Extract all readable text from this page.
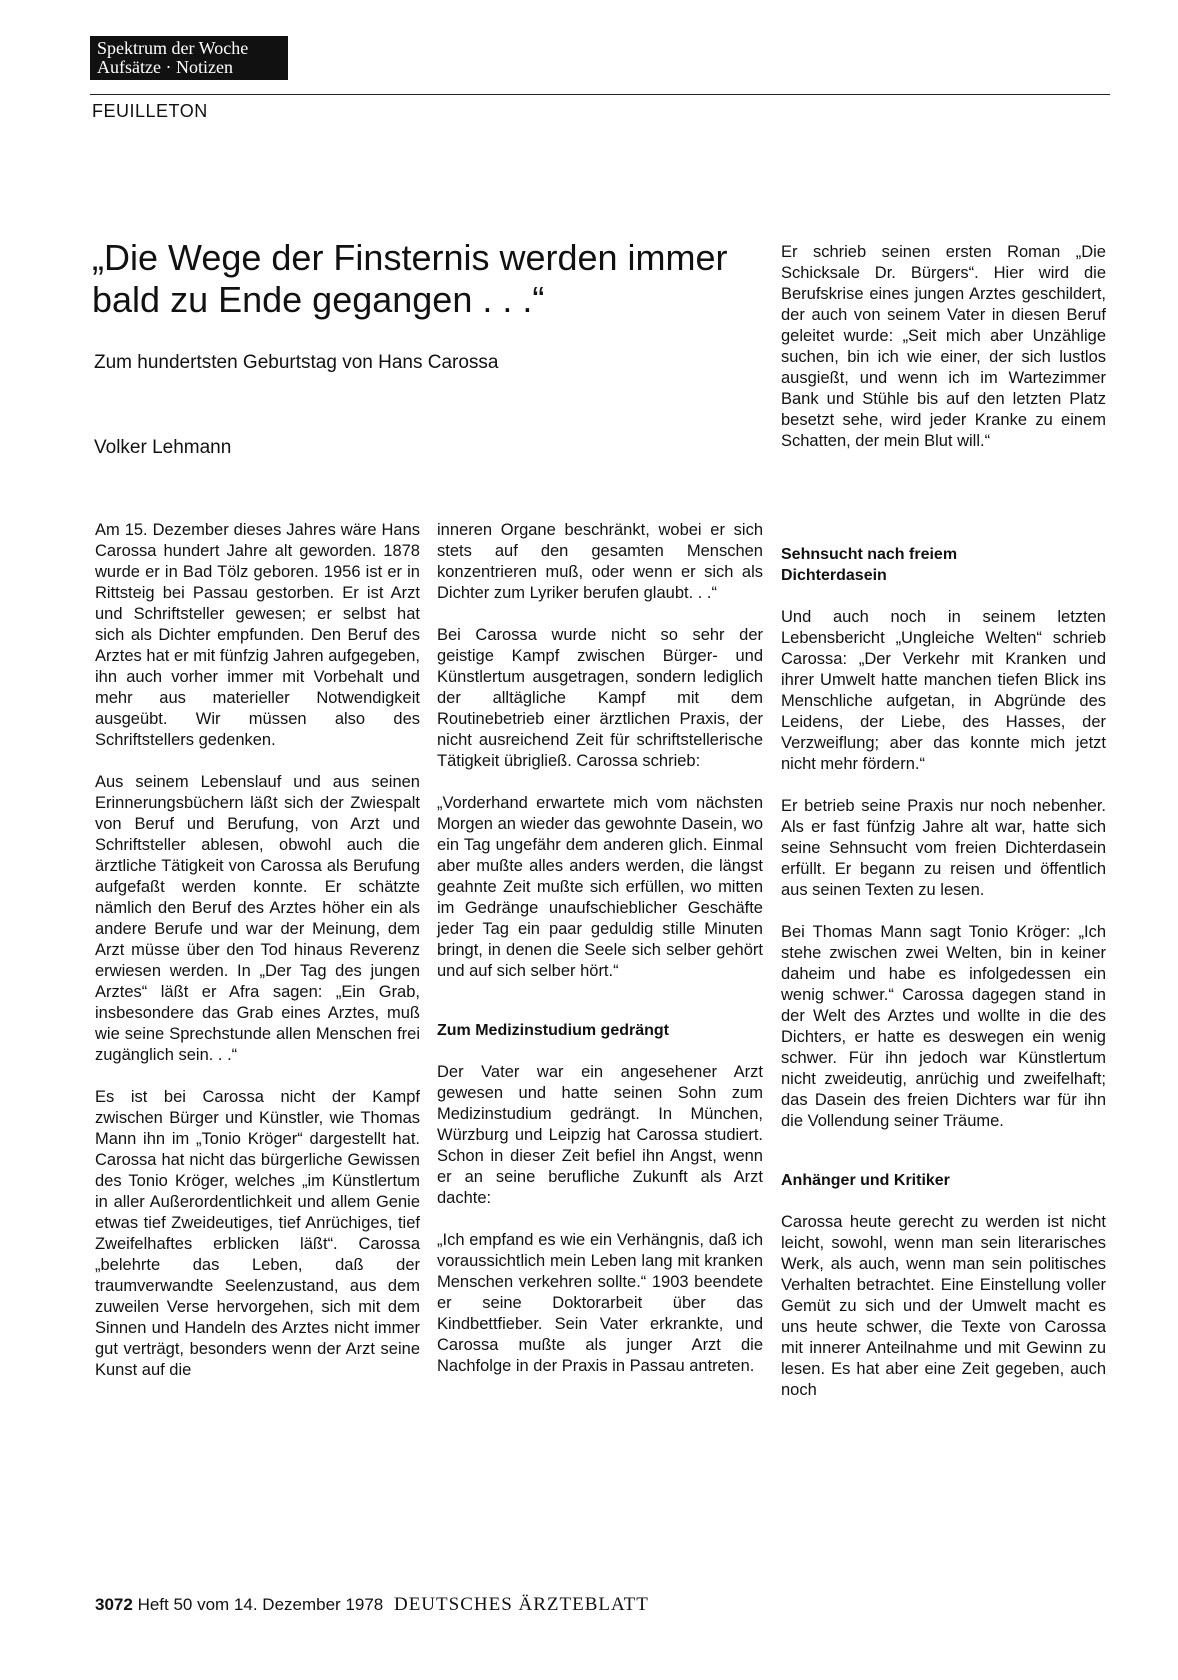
Spektrum der Woche
Aufsätze · Notizen
FEUILLETON
„Die Wege der Finsternis werden immer bald zu Ende gegangen . . .“
Zum hundertsten Geburtstag von Hans Carossa
Volker Lehmann

Am 15. Dezember dieses Jahres wäre Hans Carossa hundert Jahre alt geworden. 1878 wurde er in Bad Tölz geboren. 1956 ist er in Rittsteig bei Passau gestorben. Er ist Arzt und Schriftsteller gewesen; er selbst hat sich als Dichter empfunden. Den Beruf des Arztes hat er mit fünfzig Jahren aufgegeben, ihn auch vorher immer mit Vorbehalt und mehr aus materieller Notwendigkeit ausgeübt. Wir müssen also des Schriftstellers gedenken.

Aus seinem Lebenslauf und aus seinen Erinnerungsbüchern läßt sich der Zwiespalt von Beruf und Berufung, von Arzt und Schriftsteller ablesen, obwohl auch die ärztliche Tätigkeit von Carossa als Berufung aufgefaßt werden konnte. Er schätzte nämlich den Beruf des Arztes höher ein als andere Berufe und war der Meinung, dem Arzt müsse über den Tod hinaus Reverenz erwiesen werden. In „Der Tag des jungen Arztes“ läßt er Afra sagen: „Ein Grab, insbesondere das Grab eines Arztes, muß wie seine Sprechstunde allen Menschen frei zugänglich sein. . .“

Es ist bei Carossa nicht der Kampf zwischen Bürger und Künstler, wie Thomas Mann ihn im „Tonio Kröger“ dargestellt hat. Carossa hat nicht das bürgerliche Gewissen des Tonio Kröger, welches „im Künstlertum in aller Außerordentlichkeit und allem Genie etwas tief Zweideutiges, tief Anrüchiges, tief Zweifelhaftes erblicken läßt“. Carossa „belehrte das Leben, daß der traumverwandte Seelenzustand, aus dem zuweilen Verse hervorgehen, sich mit dem Sinnen und Handeln des Arztes nicht immer gut verträgt, besonders wenn der Arzt seine Kunst auf die

inneren Organe beschränkt, wobei er sich stets auf den gesamten Menschen konzentrieren muß, oder wenn er sich als Dichter zum Lyriker berufen glaubt. . .“

Bei Carossa wurde nicht so sehr der geistige Kampf zwischen Bürger- und Künstlertum ausgetragen, sondern lediglich der alltägliche Kampf mit dem Routinebetrieb einer ärztlichen Praxis, der nicht ausreichend Zeit für schriftstellerische Tätigkeit übrigließ. Carossa schrieb:

„Vorderhand erwartete mich vom nächsten Morgen an wieder das gewohnte Dasein, wo ein Tag ungefähr dem anderen glich. Einmal aber mußte alles anders werden, die längst geahnte Zeit mußte sich erfüllen, wo mitten im Gedränge unaufschieblicher Geschäfte jeder Tag ein paar geduldig stille Minuten bringt, in denen die Seele sich selber gehört und auf sich selber hört.“

Zum Medizinstudium gedrängt

Der Vater war ein angesehener Arzt gewesen und hatte seinen Sohn zum Medizinstudium gedrängt. In München, Würzburg und Leipzig hat Carossa studiert. Schon in dieser Zeit befiel ihn Angst, wenn er an seine berufliche Zukunft als Arzt dachte:

„Ich empfand es wie ein Verhängnis, daß ich voraussichtlich mein Leben lang mit kranken Menschen verkehren sollte.“ 1903 beendete er seine Doktorarbeit über das Kindbettfieber. Sein Vater erkrankte, und Carossa mußte als junger Arzt die Nachfolge in der Praxis in Passau antreten.

Er schrieb seinen ersten Roman „Die Schicksale Dr. Bürgers“. Hier wird die Berufskrise eines jungen Arztes geschildert, der auch von seinem Vater in diesen Beruf geleitet wurde: „Seit mich aber Unzählige suchen, bin ich wie einer, der sich lustlos ausgießt, und wenn ich im Wartezimmer Bank und Stühle bis auf den letzten Platz besetzt sehe, wird jeder Kranke zu einem Schatten, der mein Blut will.“

Sehnsucht nach freiem Dichterdasein

Und auch noch in seinem letzten Lebensbericht „Ungleiche Welten“ schrieb Carossa: „Der Verkehr mit Kranken und ihrer Umwelt hatte manchen tiefen Blick ins Menschliche aufgetan, in Abgründe des Leidens, der Liebe, des Hasses, der Verzweiflung; aber das konnte mich jetzt nicht mehr fördern.“

Er betrieb seine Praxis nur noch nebenher. Als er fast fünfzig Jahre alt war, hatte sich seine Sehnsucht vom freien Dichterdasein erfüllt. Er begann zu reisen und öffentlich aus seinen Texten zu lesen.

Bei Thomas Mann sagt Tonio Kröger: „Ich stehe zwischen zwei Welten, bin in keiner daheim und habe es infolgedessen ein wenig schwer.“ Carossa dagegen stand in der Welt des Arztes und wollte in die des Dichters, er hatte es deswegen ein wenig schwer. Für ihn jedoch war Künstlertum nicht zweideutig, anrüchig und zweifelhaft; das Dasein des freien Dichters war für ihn die Vollendung seiner Träume.

Anhänger und Kritiker

Carossa heute gerecht zu werden ist nicht leicht, sowohl, wenn man sein literarisches Werk, als auch, wenn man sein politisches Verhalten betrachtet. Eine Einstellung voller Gemüt zu sich und der Umwelt macht es uns heute schwer, die Texte von Carossa mit innerer Anteilnahme und mit Gewinn zu lesen. Es hat aber eine Zeit gegeben, auch noch

3072 Heft 50 vom 14. Dezember 1978 DEUTSCHES ÄRZTEBLATT
